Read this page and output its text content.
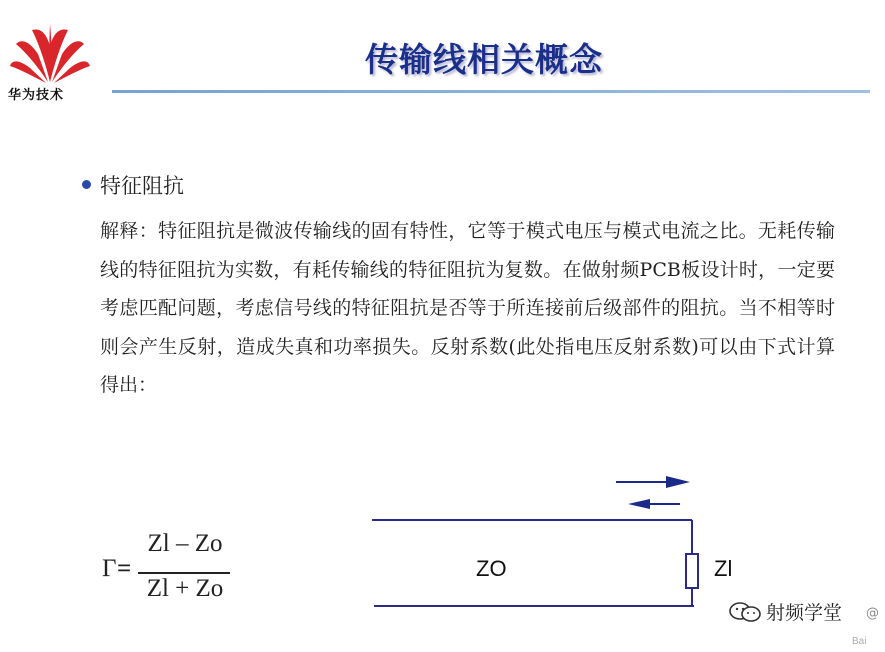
华为技术
传输线相关概念
特征阻抗
解释：特征阻抗是微波传输线的固有特性，它等于模式电压与模式电流之比。无耗传输线的特征阻抗为实数，有耗传输线的特征阻抗为复数。在做射频PCB板设计时，一定要考虑匹配问题，考虑信号线的特征阻抗是否等于所连接前后级部件的阻抗。当不相等时则会产生反射，造成失真和功率损失。反射系数(此处指电压反射系数)可以由下式计算得出：
Γ =
Zl – Zo
Zl + Zo
ZO	Zl
射频学堂 @
Bai
